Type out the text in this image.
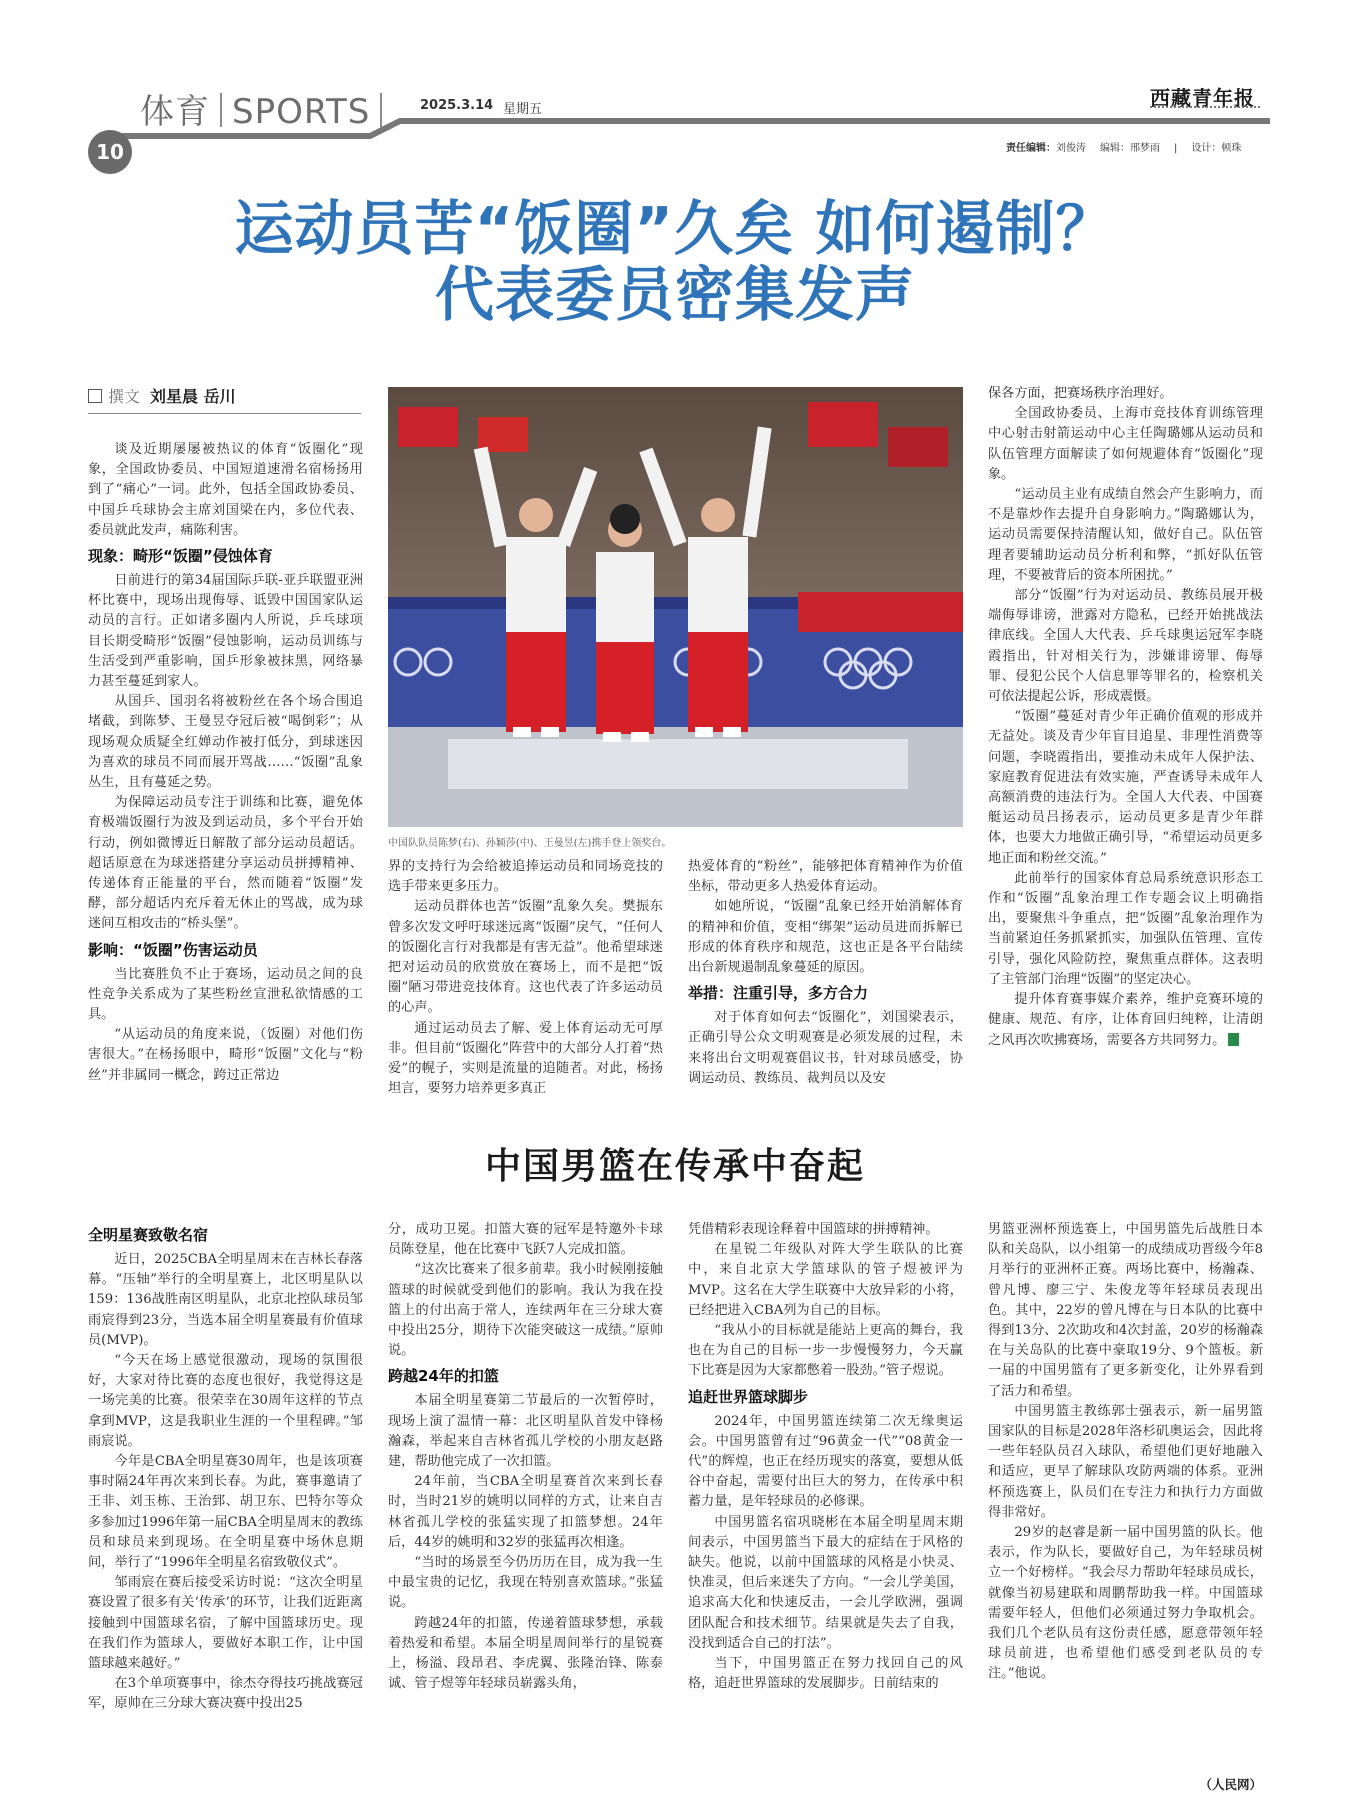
体育 SPORTS	2025.3.14 星期五	西藏青年报
10	责任编辑：刘俊涛 编辑：邢梦雨 | 设计：顿珠
运动员苦“饭圈”久矣 如何遏制？
代表委员密集发声
撰文 刘星晨 岳川

谈及近期屡屡被热议的体育“饭圈化”现象，全国政协委员、中国短道速滑名宿杨扬用到了“痛心”一词。此外，包括全国政协委员、中国乒乓球协会主席刘国梁在内，多位代表、委员就此发声，痛陈利害。

现象：畸形“饭圈”侵蚀体育

日前进行的第34届国际乒联-亚乒联盟亚洲杯比赛中，现场出现侮辱、诋毁中国国家队运动员的言行。正如诸多圈内人所说，乒乓球项目长期受畸形“饭圈”侵蚀影响，运动员训练与生活受到严重影响，国乒形象被抹黑，网络暴力甚至蔓延到家人。

从国乒、国羽名将被粉丝在各个场合围追堵截，到陈梦、王曼昱夺冠后被“喝倒彩”；从现场观众质疑全红婵动作被打低分，到球迷因为喜欢的球员不同而展开骂战……“饭圈”乱象丛生，且有蔓延之势。

为保障运动员专注于训练和比赛，避免体育极端饭圈行为波及到运动员，多个平台开始行动，例如微博近日解散了部分运动员超话。超话原意在为球迷搭建分享运动员拼搏精神、传递体育正能量的平台，然而随着“饭圈”发酵，部分超话内充斥着无休止的骂战，成为球迷间互相攻击的“桥头堡”。

影响：“饭圈”伤害运动员

当比赛胜负不止于赛场，运动员之间的良性竞争关系成为了某些粉丝宣泄私欲情感的工具。

“从运动员的角度来说，（饭圈）对他们伤害很大。”在杨扬眼中，畸形“饭圈”文化与“粉丝”并非属同一概念，跨过正常边

中国队队员陈梦(右)、孙颖莎(中)、王曼昱(左)携手登上领奖台。

界的支持行为会给被追捧运动员和同场竞技的选手带来更多压力。

运动员群体也苦“饭圈”乱象久矣。樊振东曾多次发文呼吁球迷远离“饭圈”戾气，“任何人的饭圈化言行对我都是有害无益”。他希望球迷把对运动员的欣赏放在赛场上，而不是把“饭圈”陋习带进竞技体育。这也代表了许多运动员的心声。

通过运动员去了解、爱上体育运动无可厚非。但目前“饭圈化”阵营中的大部分人打着“热爱”的幌子，实则是流量的追随者。对此，杨扬坦言，要努力培养更多真正

热爱体育的“粉丝”，能够把体育精神作为价值坐标，带动更多人热爱体育运动。

如她所说，“饭圈”乱象已经开始消解体育的精神和价值，变相“绑架”运动员进而拆解已形成的体育秩序和规范，这也正是各平台陆续出台新规遏制乱象蔓延的原因。

举措：注重引导，多方合力

对于体育如何去“饭圈化”，刘国梁表示，正确引导公众文明观赛是必须发展的过程，未来将出台文明观赛倡议书，针对球员感受，协调运动员、教练员、裁判员以及安

保各方面，把赛场秩序治理好。

全国政协委员、上海市竞技体育训练管理中心射击射箭运动中心主任陶璐娜从运动员和队伍管理方面解读了如何规避体育“饭圈化”现象。

“运动员主业有成绩自然会产生影响力，而不是靠炒作去提升自身影响力。”陶璐娜认为，运动员需要保持清醒认知，做好自己。队伍管理者要辅助运动员分析利和弊，“抓好队伍管理，不要被背后的资本所困扰。”

部分“饭圈”行为对运动员、教练员展开极端侮辱诽谤，泄露对方隐私，已经开始挑战法律底线。全国人大代表、乒乓球奥运冠军李晓霞指出，针对相关行为，涉嫌诽谤罪、侮辱罪、侵犯公民个人信息罪等罪名的，检察机关可依法提起公诉，形成震慑。

“饭圈”蔓延对青少年正确价值观的形成并无益处。谈及青少年盲目追星、非理性消费等问题，李晓霞指出，要推动未成年人保护法、家庭教育促进法有效实施，严查诱导未成年人高额消费的违法行为。全国人大代表、中国赛艇运动员吕扬表示，运动员更多是青少年群体，也要大力地做正确引导，“希望运动员更多地正面和粉丝交流。”

此前举行的国家体育总局系统意识形态工作和“饭圈”乱象治理工作专题会议上明确指出，要聚焦斗争重点，把“饭圈”乱象治理作为当前紧迫任务抓紧抓实，加强队伍管理、宣传引导，强化风险防控，聚焦重点群体。这表明了主管部门治理“饭圈”的坚定决心。

提升体育赛事媒介素养，维护竞赛环境的健康、规范、有序，让体育回归纯粹，让清朗之风再次吹拂赛场，需要各方共同努力。

中国男篮在传承中奋起
全明星赛致敬名宿

近日，2025CBA全明星周末在吉林长春落幕。“压轴”举行的全明星赛上，北区明星队以159：136战胜南区明星队，北京北控队球员邹雨宸得到23分，当选本届全明星赛最有价值球员(MVP)。

“今天在场上感觉很激动，现场的氛围很好，大家对待比赛的态度也很好，我觉得这是一场完美的比赛。很荣幸在30周年这样的节点拿到MVP，这是我职业生涯的一个里程碑。”邹雨宸说。

今年是CBA全明星赛30周年，也是该项赛事时隔24年再次来到长春。为此，赛事邀请了王非、刘玉栋、王治郅、胡卫东、巴特尔等众多参加过1996年第一届CBA全明星周末的教练员和球员来到现场。在全明星赛中场休息期间，举行了“1996年全明星名宿致敬仪式”。

邹雨宸在赛后接受采访时说：“这次全明星赛设置了很多有关‘传承’的环节，让我们近距离接触到中国篮球名宿，了解中国篮球历史。现在我们作为篮球人，要做好本职工作，让中国篮球越来越好。”

在3个单项赛事中，徐杰夺得技巧挑战赛冠军，原帅在三分球大赛决赛中投出25

分，成功卫冕。扣篮大赛的冠军是特邀外卡球员陈登星，他在比赛中飞跃7人完成扣篮。

“这次比赛来了很多前辈。我小时候刚接触篮球的时候就受到他们的影响。我认为我在投篮上的付出高于常人，连续两年在三分球大赛中投出25分，期待下次能突破这一成绩。”原帅说。

跨越24年的扣篮

本届全明星赛第二节最后的一次暂停时，现场上演了温情一幕：北区明星队首发中锋杨瀚森，举起来自吉林省孤儿学校的小朋友赵路建，帮助他完成了一次扣篮。

24年前，当CBA全明星赛首次来到长春时，当时21岁的姚明以同样的方式，让来自吉林省孤儿学校的张猛实现了扣篮梦想。24年后，44岁的姚明和32岁的张猛再次相逢。

“当时的场景至今仍历历在目，成为我一生中最宝贵的记忆，我现在特别喜欢篮球。”张猛说。

跨越24年的扣篮，传递着篮球梦想，承载着热爱和希望。本届全明星周间举行的星锐赛上，杨溢、段昂君、李虎翼、张隆治锋、陈泰诚、管子煜等年轻球员崭露头角，

凭借精彩表现诠释着中国篮球的拼搏精神。

在星锐二年级队对阵大学生联队的比赛中，来自北京大学篮球队的管子煜被评为MVP。这名在大学生联赛中大放异彩的小将，已经把进入CBA列为自己的目标。

“我从小的目标就是能站上更高的舞台，我也在为自己的目标一步一步慢慢努力，今天赢下比赛是因为大家都憋着一股劲。”管子煜说。

追赶世界篮球脚步

2024年，中国男篮连续第二次无缘奥运会。中国男篮曾有过“96黄金一代”“08黄金一代”的辉煌，也正在经历现实的落寞，要想从低谷中奋起，需要付出巨大的努力，在传承中积蓄力量，是年轻球员的必修课。

中国男篮名宿巩晓彬在本届全明星周末期间表示，中国男篮当下最大的症结在于风格的缺失。他说，以前中国篮球的风格是小快灵、快准灵，但后来迷失了方向。“一会儿学美国，追求高大化和快速反击，一会儿学欧洲，强调团队配合和技术细节。结果就是失去了自我，没找到适合自己的打法”。

当下，中国男篮正在努力找回自己的风格，追赶世界篮球的发展脚步。日前结束的

男篮亚洲杯预选赛上，中国男篮先后战胜日本队和关岛队，以小组第一的成绩成功晋级今年8月举行的亚洲杯正赛。两场比赛中，杨瀚森、曾凡博、廖三宁、朱俊龙等年轻球员表现出色。其中，22岁的曾凡博在与日本队的比赛中得到13分、2次助攻和4次封盖，20岁的杨瀚森在与关岛队的比赛中豪取19分、9个篮板。新一届的中国男篮有了更多新变化，让外界看到了活力和希望。

中国男篮主教练郭士强表示，新一届男篮国家队的目标是2028年洛杉矶奥运会，因此将一些年轻队员召入球队，希望他们更好地融入和适应，更早了解球队攻防两端的体系。亚洲杯预选赛上，队员们在专注力和执行力方面做得非常好。

29岁的赵睿是新一届中国男篮的队长。他表示，作为队长，要做好自己，为年轻球员树立一个好榜样。“我会尽力帮助年轻球员成长，就像当初易建联和周鹏帮助我一样。中国篮球需要年轻人，但他们必须通过努力争取机会。我们几个老队员有这份责任感，愿意带领年轻球员前进，也希望他们感受到老队员的专注。”他说。

（人民网）
